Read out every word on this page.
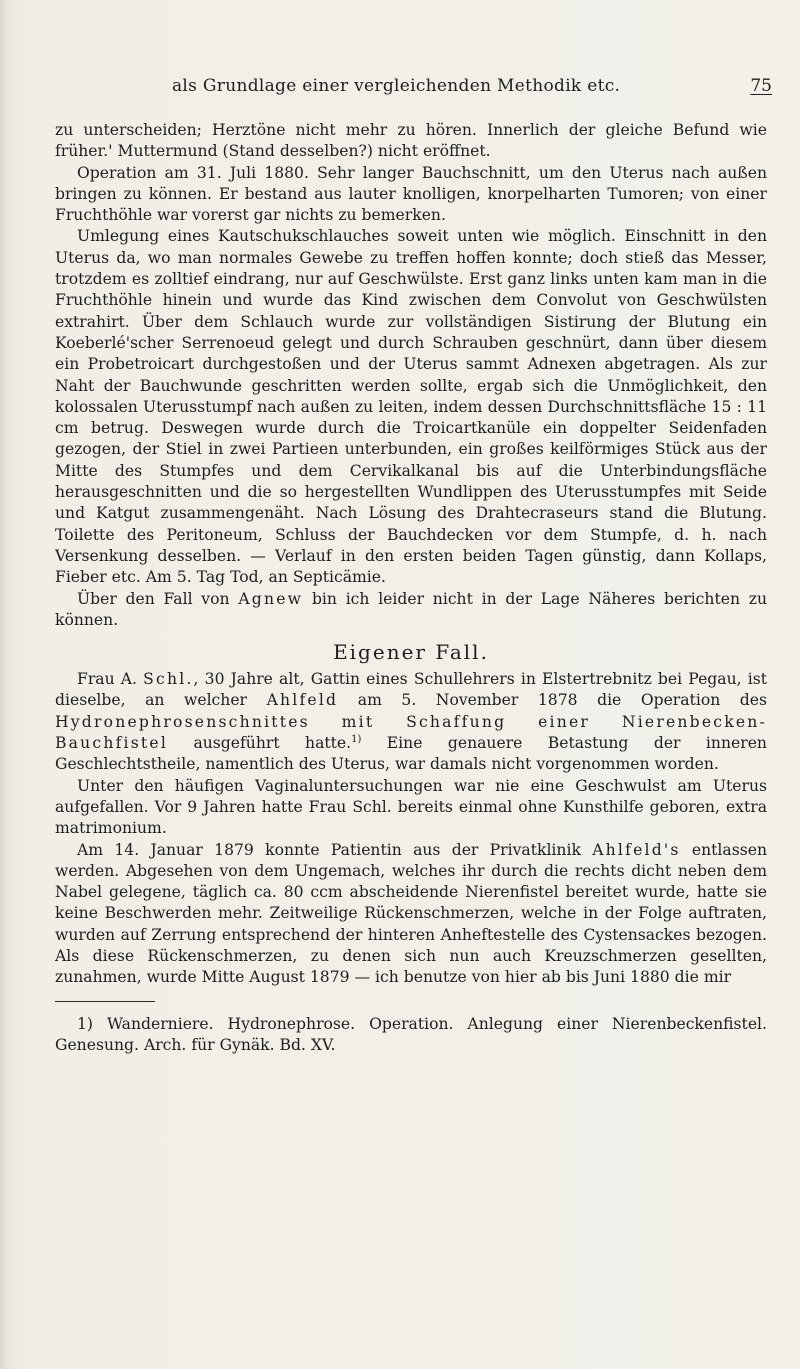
als Grundlage einer vergleichenden Methodik etc.	75

zu unterscheiden; Herztöne nicht mehr zu hören. Innerlich der gleiche Befund wie früher.' Muttermund (Stand desselben?) nicht eröffnet.

Operation am 31. Juli 1880. Sehr langer Bauchschnitt, um den Uterus nach außen bringen zu können. Er bestand aus lauter knolligen, knorpelharten Tumoren; von einer Fruchthöhle war vorerst gar nichts zu bemerken.

Umlegung eines Kautschukschlauches soweit unten wie möglich. Einschnitt in den Uterus da, wo man normales Gewebe zu treffen hoffen konnte; doch stieß das Messer, trotzdem es zolltief eindrang, nur auf Geschwülste. Erst ganz links unten kam man in die Fruchthöhle hinein und wurde das Kind zwischen dem Convolut von Geschwülsten extrahirt. Über dem Schlauch wurde zur vollständigen Sistirung der Blutung ein Koeberlé'scher Serrenoeud gelegt und durch Schrauben geschnürt, dann über diesem ein Probetroicart durchgestoßen und der Uterus sammt Adnexen abgetragen. Als zur Naht der Bauchwunde geschritten werden sollte, ergab sich die Unmöglichkeit, den kolossalen Uterusstumpf nach außen zu leiten, indem dessen Durchschnittsfläche 15 : 11 cm betrug. Deswegen wurde durch die Troicartkanüle ein doppelter Seidenfaden gezogen, der Stiel in zwei Partieen unterbunden, ein großes keilförmiges Stück aus der Mitte des Stumpfes und dem Cervikalkanal bis auf die Unterbindungsfläche herausgeschnitten und die so hergestellten Wundlippen des Uterusstumpfes mit Seide und Katgut zusammengenäht. Nach Lösung des Drahtecraseurs stand die Blutung. Toilette des Peritoneum, Schluss der Bauchdecken vor dem Stumpfe, d. h. nach Versenkung desselben. — Verlauf in den ersten beiden Tagen günstig, dann Kollaps, Fieber etc. Am 5. Tag Tod, an Septicämie.

Über den Fall von Agnew bin ich leider nicht in der Lage Näheres berichten zu können.

Eigener Fall.

Frau A. Schl., 30 Jahre alt, Gattin eines Schullehrers in Elstertrebnitz bei Pegau, ist dieselbe, an welcher Ahlfeld am 5. November 1878 die Operation des Hydronephrosenschnittes mit Schaffung einer Nierenbecken-Bauchfistel ausgeführt hatte.$^{1)}$ Eine genauere Betastung der inneren Geschlechtstheile, namentlich des Uterus, war damals nicht vorgenommen worden.

Unter den häufigen Vaginaluntersuchungen war nie eine Geschwulst am Uterus aufgefallen. Vor 9 Jahren hatte Frau Schl. bereits einmal ohne Kunsthilfe geboren, extra matrimonium.

Am 14. Januar 1879 konnte Patientin aus der Privatklinik Ahlfeld's entlassen werden. Abgesehen von dem Ungemach, welches ihr durch die rechts dicht neben dem Nabel gelegene, täglich ca. 80 ccm abscheidende Nierenfistel bereitet wurde, hatte sie keine Beschwerden mehr. Zeitweilige Rückenschmerzen, welche in der Folge auftraten, wurden auf Zerrung entsprechend der hinteren Anheftestelle des Cystensackes bezogen. Als diese Rückenschmerzen, zu denen sich nun auch Kreuzschmerzen gesellten, zunahmen, wurde Mitte August 1879 — ich benutze von hier ab bis Juni 1880 die mir

1) Wanderniere. Hydronephrose. Operation. Anlegung einer Nierenbeckenfistel. Genesung. Arch. für Gynäk. Bd. XV.
